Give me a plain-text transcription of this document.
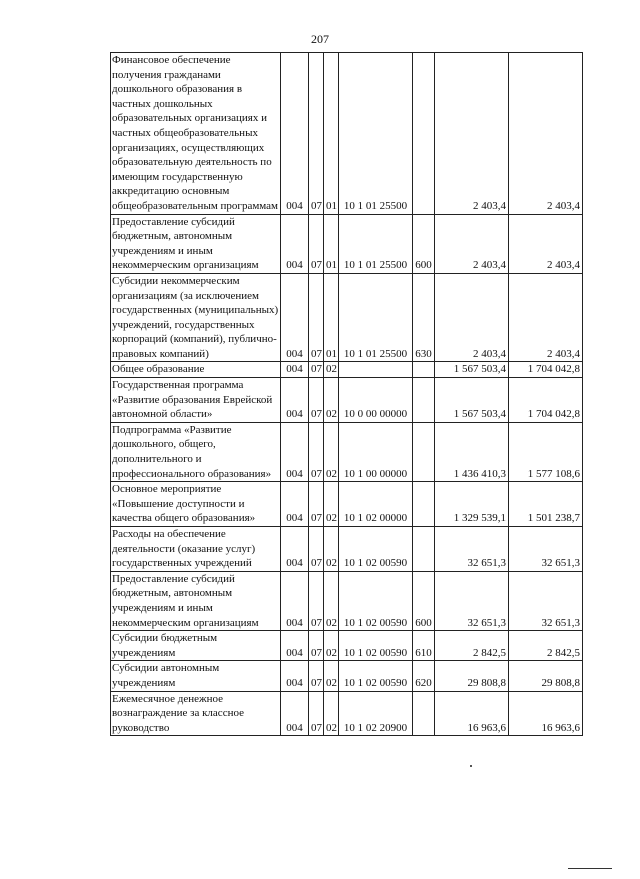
207
Финансовое обеспечение получения гражданами дошкольного образования в частных дошкольных образовательных организациях и частных общеобразовательных организациях, осуществляющих образовательную деятельность по имеющим государственную аккредитацию основным общеобразовательным программам	004	07	01	10 1 01 25500		2 403,4	2 403,4
Предоставление субсидий бюджетным, автономным учреждениям и иным некоммерческим организациям	004	07	01	10 1 01 25500	600	2 403,4	2 403,4
Субсидии некоммерческим организациям (за исключением государственных (муниципальных) учреждений, государственных корпораций (компаний), публично-правовых компаний)	004	07	01	10 1 01 25500	630	2 403,4	2 403,4
Общее образование	004	07	02			1 567 503,4	1 704 042,8
Государственная программа «Развитие образования Еврейской автономной области»	004	07	02	10 0 00 00000		1 567 503,4	1 704 042,8
Подпрограмма «Развитие дошкольного, общего, дополнительного и профессионального образования»	004	07	02	10 1 00 00000		1 436 410,3	1 577 108,6
Основное мероприятие «Повышение доступности и качества общего образования»	004	07	02	10 1 02 00000		1 329 539,1	1 501 238,7
Расходы на обеспечение деятельности (оказание услуг) государственных учреждений	004	07	02	10 1 02 00590		32 651,3	32 651,3
Предоставление субсидий бюджетным, автономным учреждениям и иным некоммерческим организациям	004	07	02	10 1 02 00590	600	32 651,3	32 651,3
Субсидии бюджетным учреждениям	004	07	02	10 1 02 00590	610	2 842,5	2 842,5
Субсидии автономным учреждениям	004	07	02	10 1 02 00590	620	29 808,8	29 808,8
Ежемесячное денежное вознаграждение за классное руководство	004	07	02	10 1 02 20900		16 963,6	16 963,6
